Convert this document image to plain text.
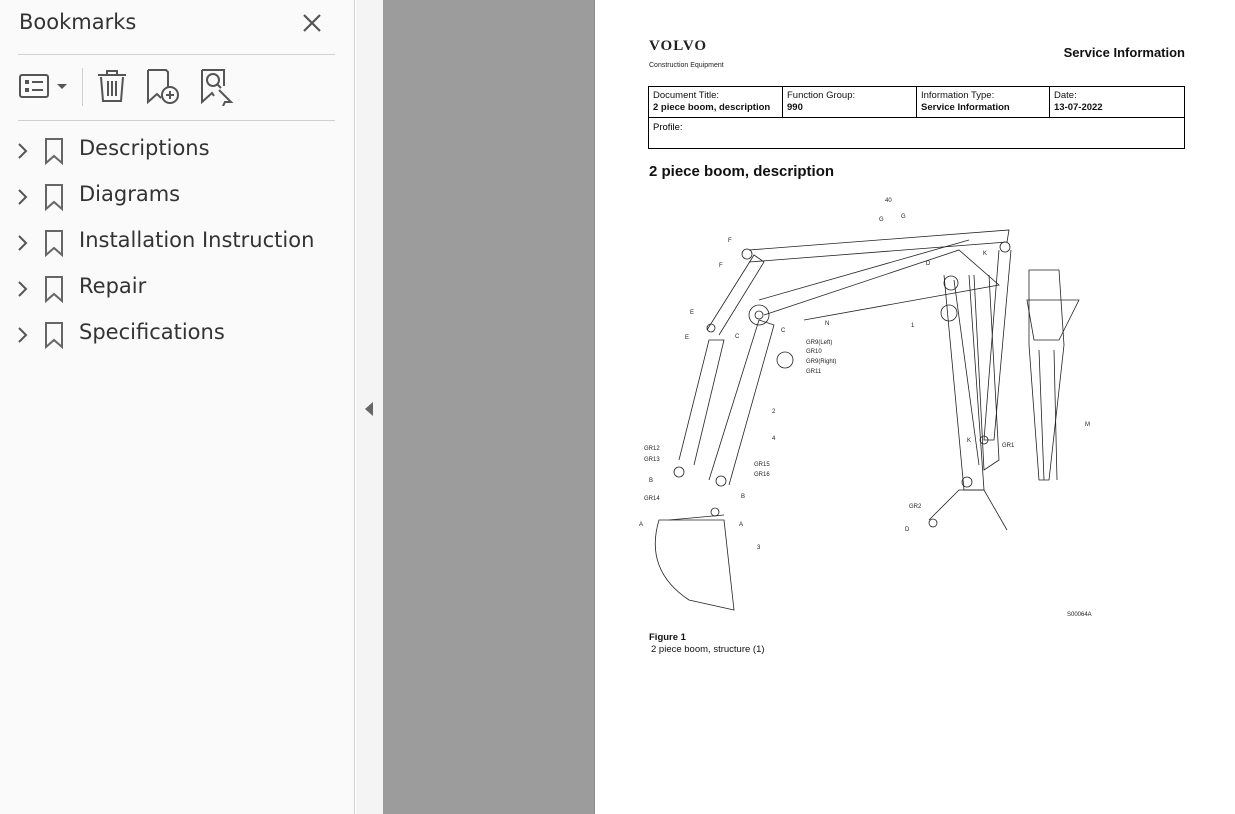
Bookmarks
Descriptions
Diagrams
Installation Instruction
Repair
Specifications
VOLVO
Construction Equipment
Service Information
Document Title:
2 piece boom, description
Function Group:
990
Information Type:
Service Information
Date:
13-07-2022
Profile:
2 piece boom, description
40
G	G
F
F	D
K
E
E	C
C
N	1
GR9(Left)
GR10
GR9(Right)
GR11
2
4
GR12
GR13
B
GR15
GR16
B
GR14
A	A
3
K
GR1
GR2
D
M
S00064A
Figure 1
2 piece boom, structure (1)
